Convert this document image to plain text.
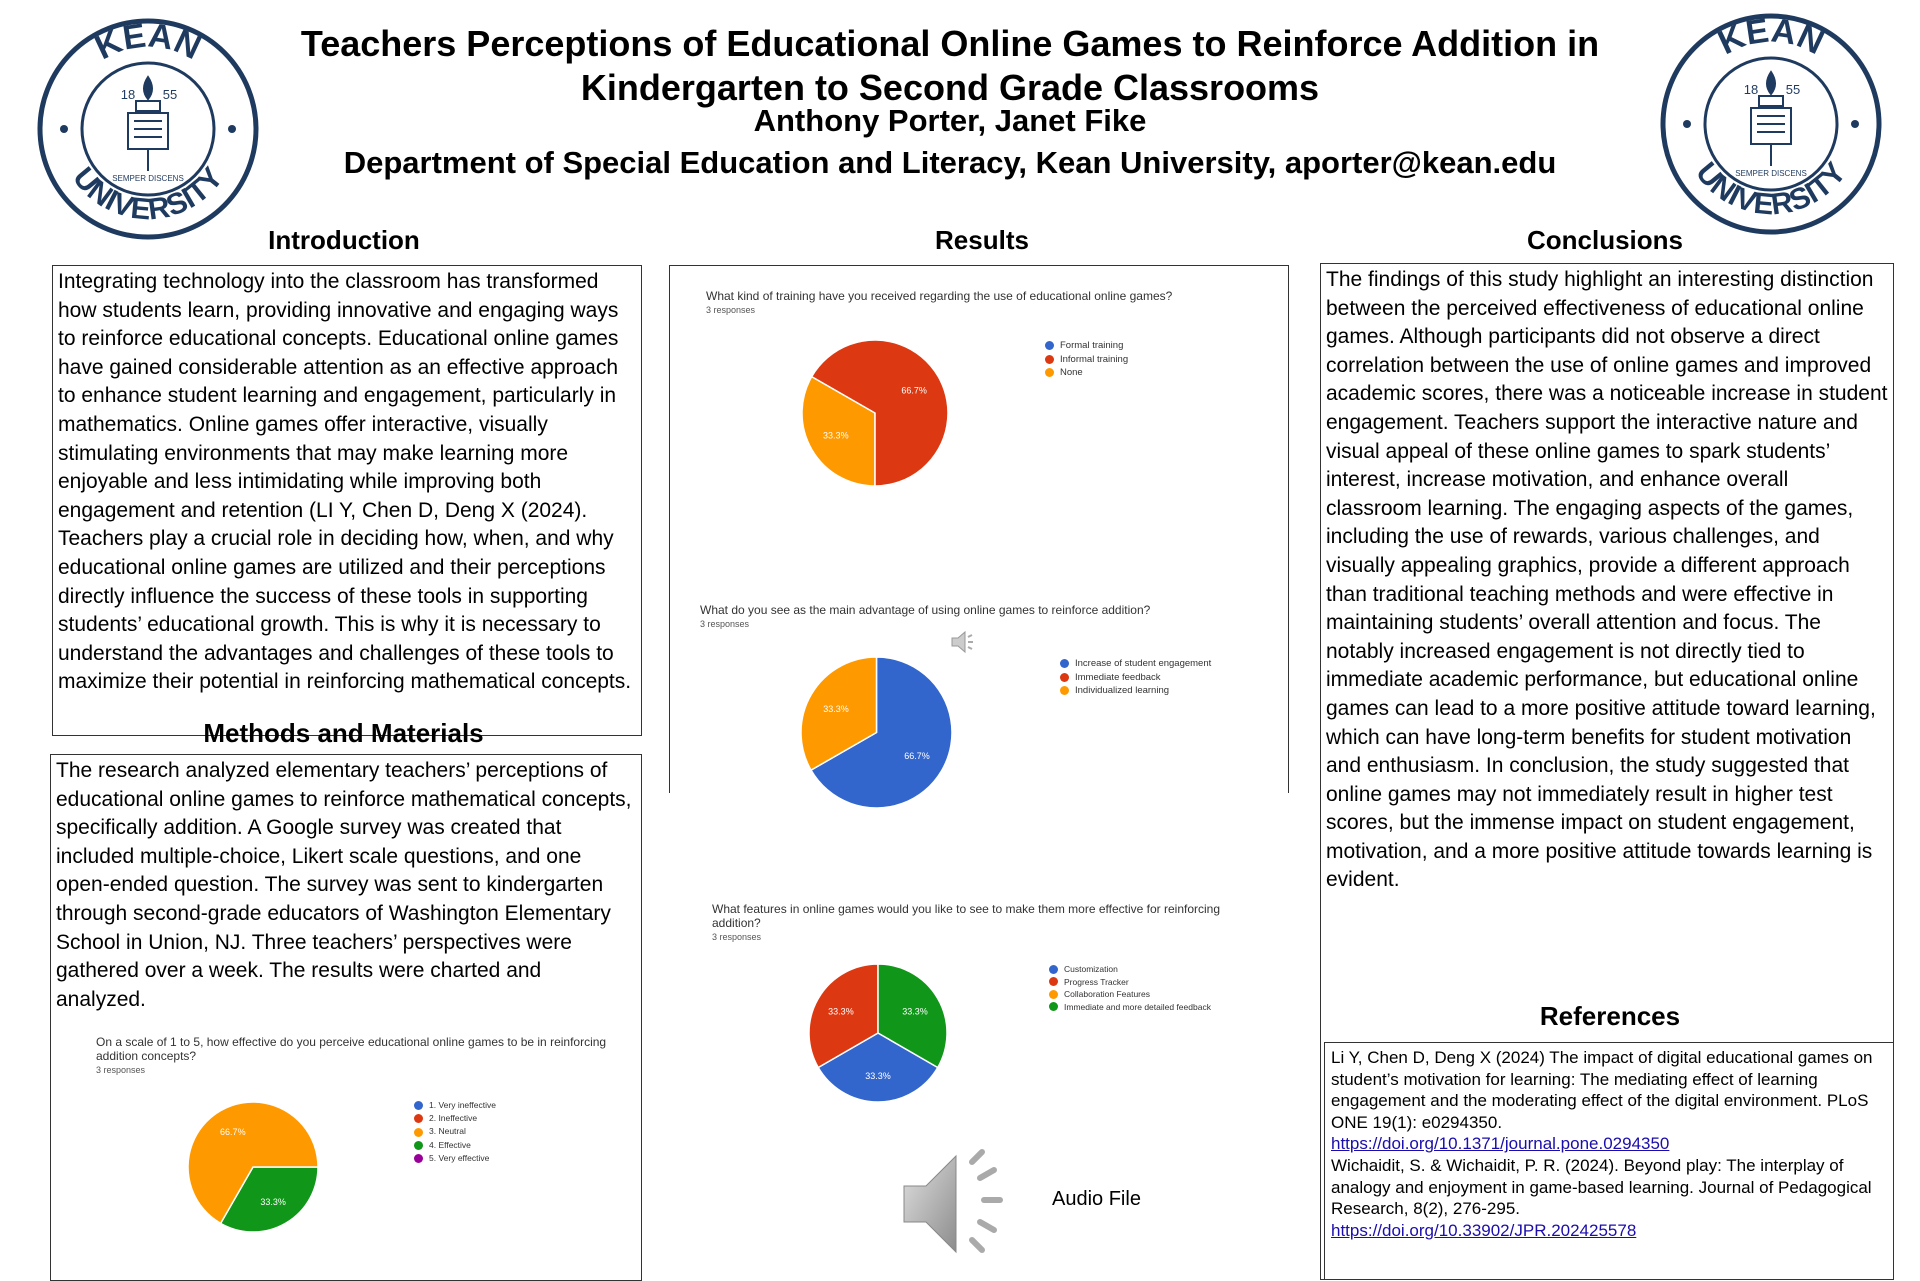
KEAN
UNIVERSITY
18 55
SEMPER DISCENS
KEAN
UNIVERSITY
18 55
SEMPER DISCENS
Teachers Perceptions of Educational Online Games to Reinforce Addition in
Kindergarten to Second Grade Classrooms
Anthony Porter, Janet Fike
Department of Special Education and Literacy, Kean University, aporter@kean.edu
Introduction
Integrating technology into the classroom has transformed how students learn, providing innovative and engaging ways to reinforce educational concepts. Educational online games have gained considerable attention as an effective approach to enhance student learning and engagement, particularly in mathematics. Online games offer interactive, visually stimulating environments that may make learning more enjoyable and less intimidating while improving both engagement and retention (LI Y, Chen D, Deng X (2024). Teachers play a crucial role in deciding how, when, and why educational online games are utilized and their perceptions directly influence the success of these tools in supporting students’ educational growth. This is why it is necessary to understand the advantages and challenges of these tools to maximize their potential in reinforcing mathematical concepts.
Methods and Materials
The research analyzed elementary teachers’ perceptions of educational online games to reinforce mathematical concepts, specifically addition. A Google survey was created that included multiple-choice, Likert scale questions, and one open-ended question. The survey was sent to kindergarten through second-grade educators of Washington Elementary School in Union, NJ. Three teachers’ perspectives were gathered over a week. The results were charted and analyzed.
Results
What kind of training have you received regarding the use of educational online games?
3 responses
33.3%
66.7%
Formal training
Informal training
None
What do you see as the main advantage of using online games to reinforce addition?
3 responses
66.7%
33.3%
Increase of student engagement
Immediate feedback
Individualized learning
What features in online games would you like to see to make them more effective for reinforcing addition?
3 responses
33.3%
33.3%	33.3%
Customization
Progress Tracker
Collaboration Features
Immediate and more detailed feedback
On a scale of 1 to 5, how effective do you perceive educational online games to be in reinforcing addition concepts?
3 responses
33.3%
66.7%
1. Very ineffective
2. Ineffective
3. Neutral
4. Effective
5. Very effective
Audio File
Conclusions
The findings of this study highlight an interesting distinction between the perceived effectiveness of educational online games. Although participants did not observe a direct correlation between the use of online games and improved academic scores, there was a noticeable increase in student engagement. Teachers support the interactive nature and visual appeal of these online games to spark students’ interest, increase motivation, and enhance overall classroom learning. The engaging aspects of the games, including the use of rewards, various challenges, and visually appealing graphics, provide a different approach than traditional teaching methods and were effective in maintaining students’ overall attention and focus. The notably increased engagement is not directly tied to immediate academic performance, but educational online games can lead to a more positive attitude toward learning, which can have long-term benefits for student motivation and enthusiasm. In conclusion, the study suggested that online games may not immediately result in higher test scores, but the immense impact on student engagement, motivation, and a more positive attitude towards learning is evident.
References
Li Y, Chen D, Deng X (2024) The impact of digital educational games on student’s motivation for learning: The mediating effect of learning engagement and the moderating effect of the digital environment. PLoS ONE 19(1): e0294350.
https://doi.org/10.1371/journal.pone.0294350
Wichaidit, S. & Wichaidit, P. R. (2024). Beyond play: The interplay of analogy and enjoyment in game-based learning. Journal of Pedagogical Research, 8(2), 276-295.
https://doi.org/10.33902/JPR.202425578
